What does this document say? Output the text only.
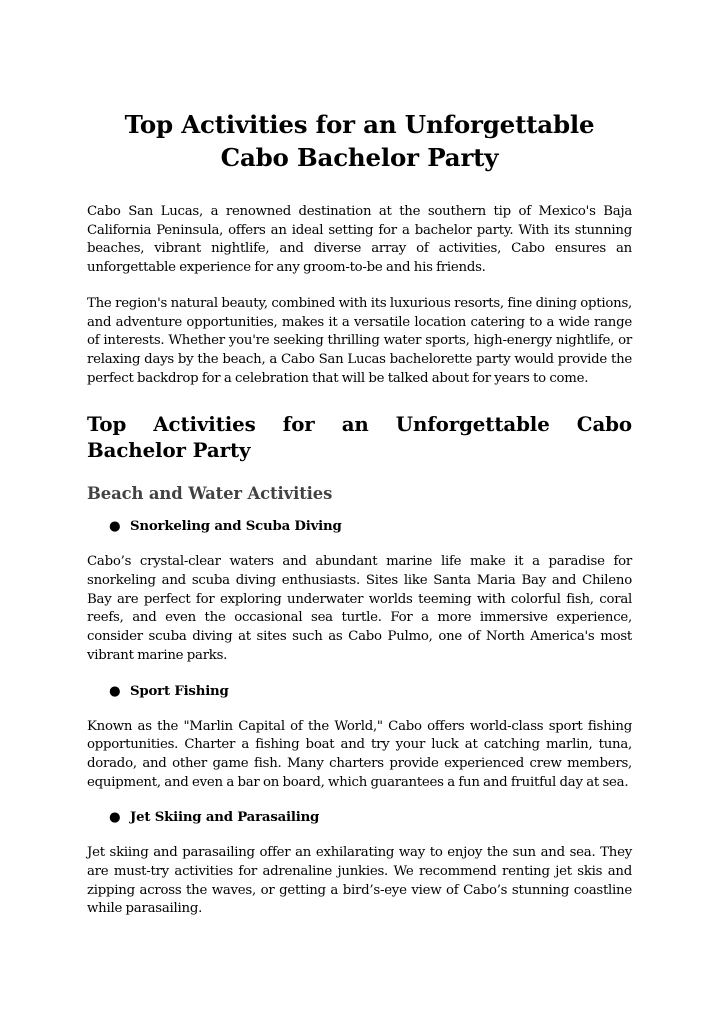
Top Activities for an Unforgettable Cabo Bachelor Party

Cabo San Lucas, a renowned destination at the southern tip of Mexico's Baja California Peninsula, offers an ideal setting for a bachelor party. With its stunning beaches, vibrant nightlife, and diverse array of activities, Cabo ensures an unforgettable experience for any groom-to-be and his friends.

The region's natural beauty, combined with its luxurious resorts, fine dining options, and adventure opportunities, makes it a versatile location catering to a wide range of interests. Whether you're seeking thrilling water sports, high-energy nightlife, or relaxing days by the beach, a Cabo San Lucas bachelorette party would provide the perfect backdrop for a celebration that will be talked about for years to come.

Top Activities for an Unforgettable Cabo Bachelor Party
Beach and Water Activities

● Snorkeling and Scuba Diving

Cabo’s crystal-clear waters and abundant marine life make it a paradise for snorkeling and scuba diving enthusiasts. Sites like Santa Maria Bay and Chileno Bay are perfect for exploring underwater worlds teeming with colorful fish, coral reefs, and even the occasional sea turtle. For a more immersive experience, consider scuba diving at sites such as Cabo Pulmo, one of North America's most vibrant marine parks.

● Sport Fishing

Known as the "Marlin Capital of the World," Cabo offers world-class sport fishing opportunities. Charter a fishing boat and try your luck at catching marlin, tuna, dorado, and other game fish. Many charters provide experienced crew members, equipment, and even a bar on board, which guarantees a fun and fruitful day at sea.

● Jet Skiing and Parasailing

Jet skiing and parasailing offer an exhilarating way to enjoy the sun and sea. They are must-try activities for adrenaline junkies. We recommend renting jet skis and zipping across the waves, or getting a bird’s-eye view of Cabo’s stunning coastline while parasailing.
